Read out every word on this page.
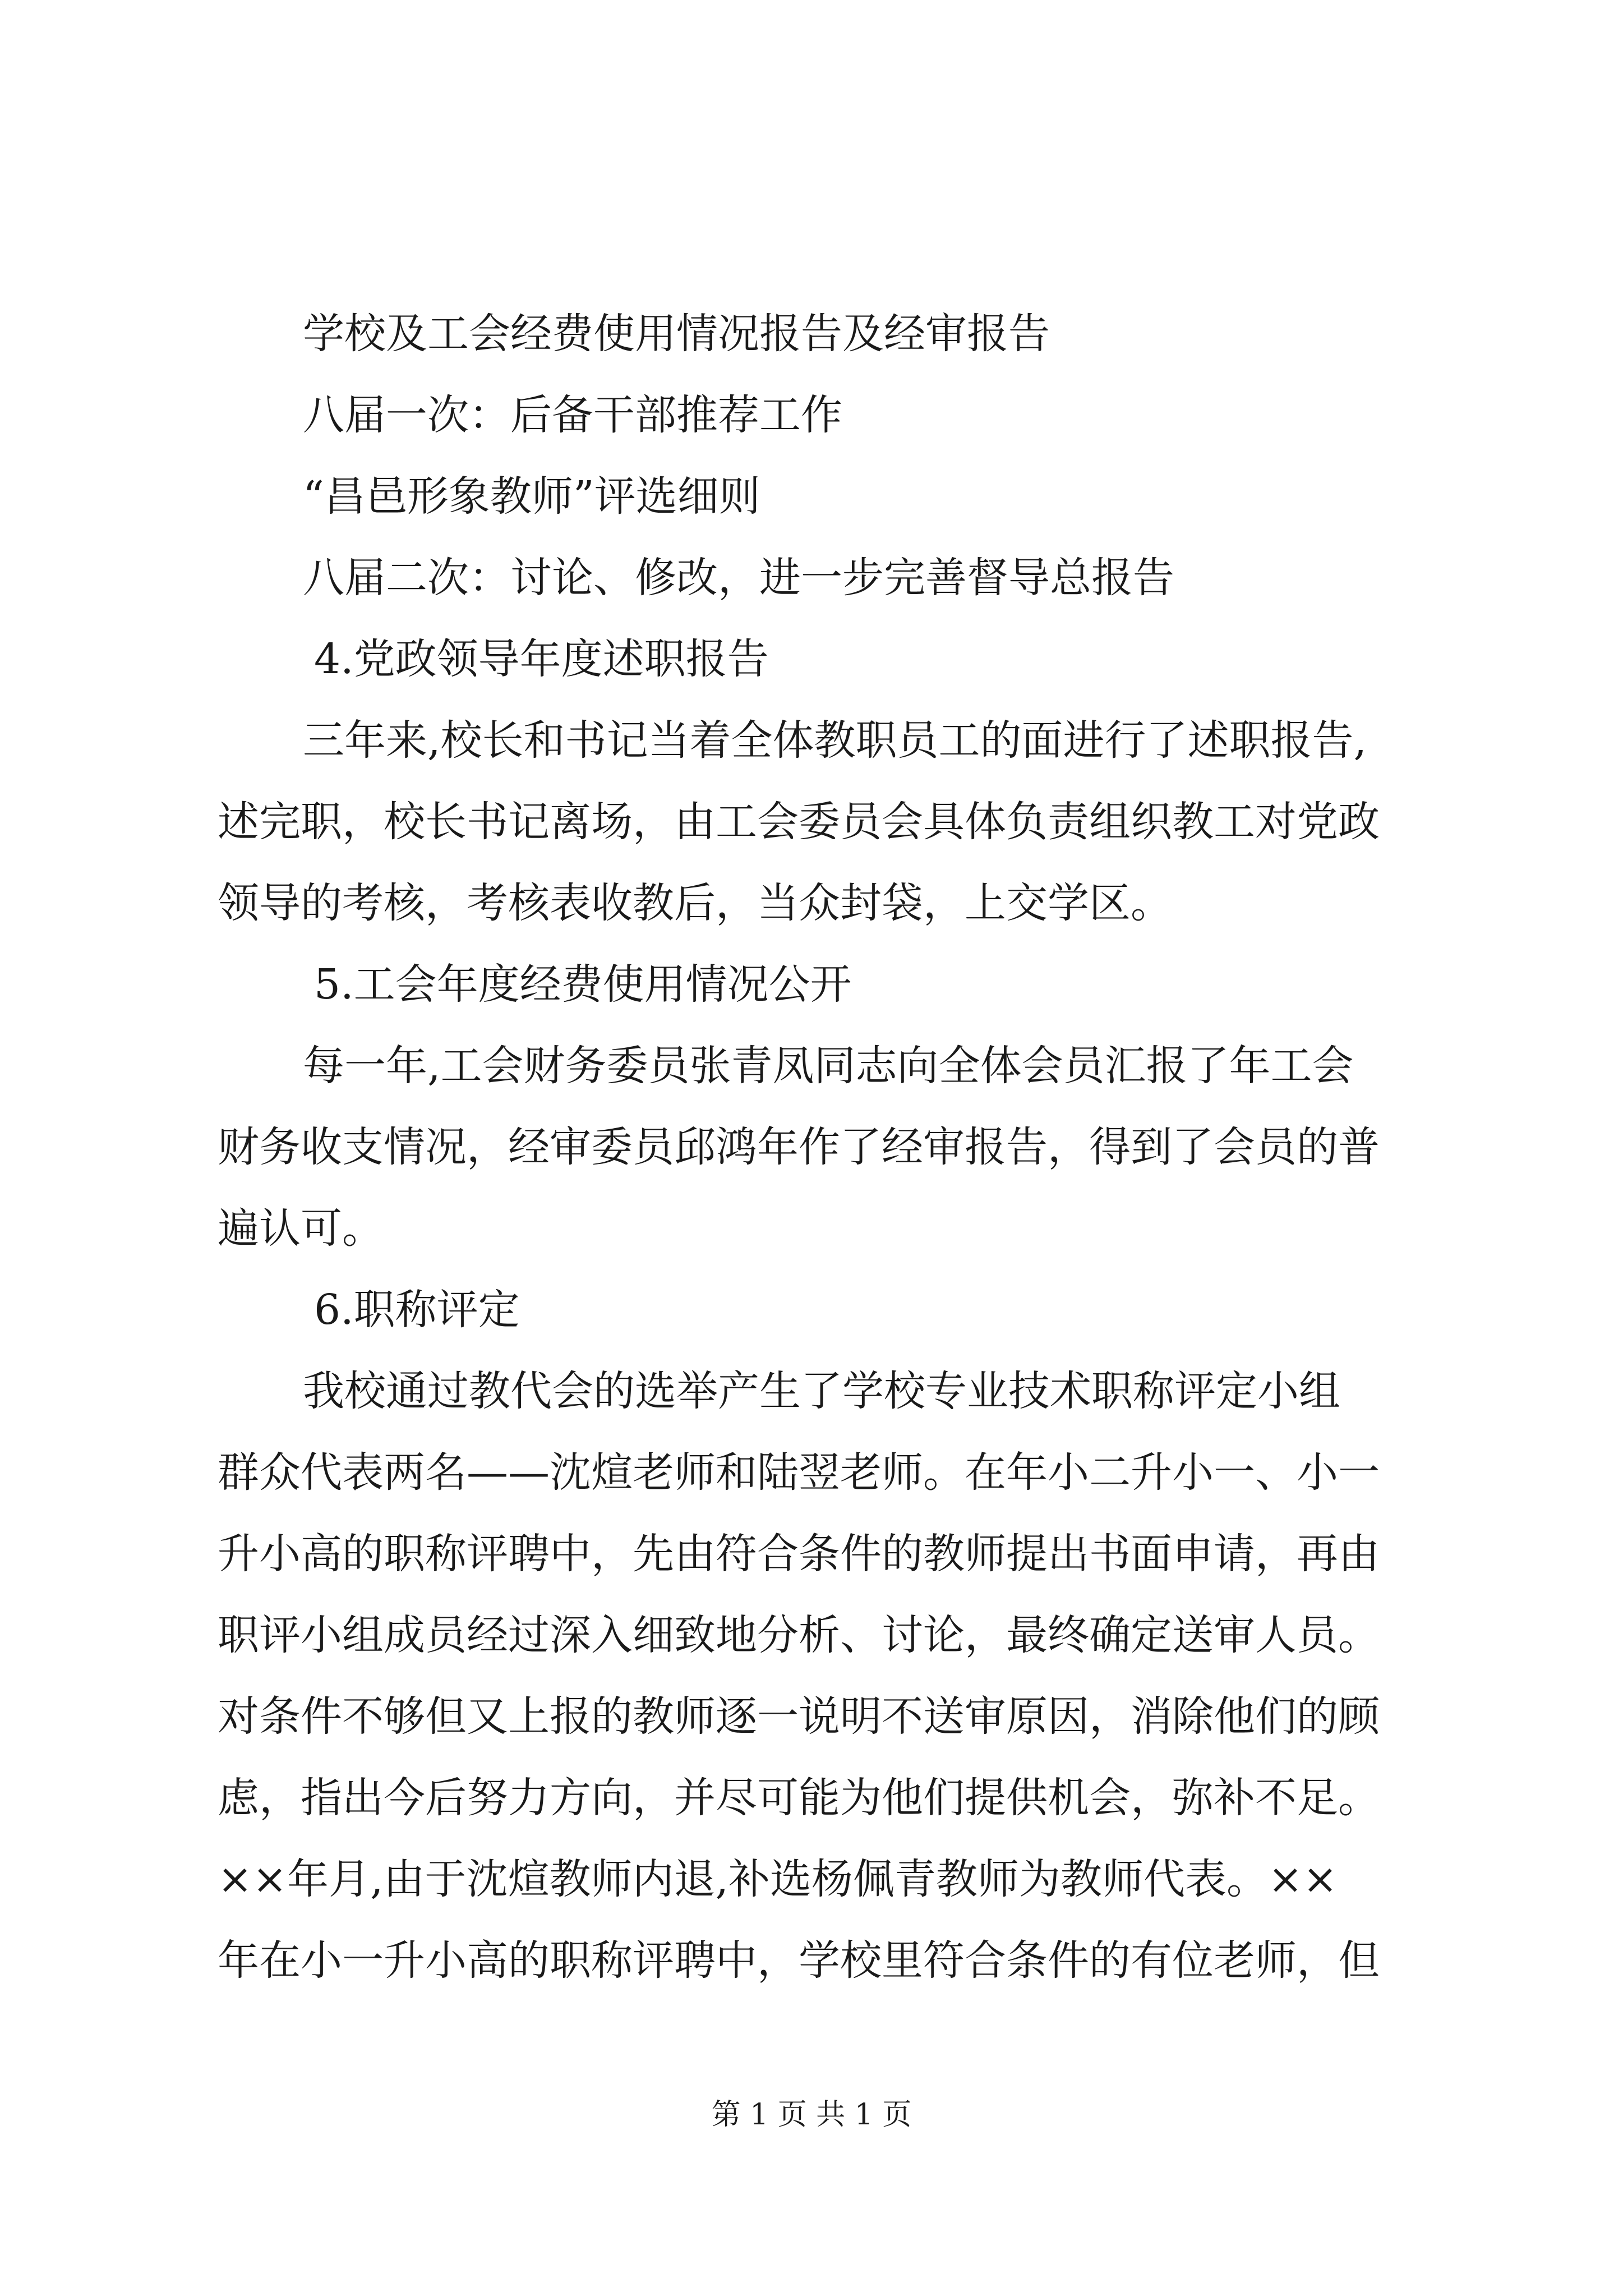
学校及工会经费使用情况报告及经审报告
八届一次：后备干部推荐工作
“昌邑形象教师”评选细则
八届二次：讨论、修改，进一步完善督导总报告
4.党政领导年度述职报告
三年来,校长和书记当着全体教职员工的面进行了述职报告,
述完职，校长书记离场，由工会委员会具体负责组织教工对党政
领导的考核，考核表收教后，当众封袋，上交学区。
5.工会年度经费使用情况公开
每一年,工会财务委员张青凤同志向全体会员汇报了年工会
财务收支情况，经审委员邱鸿年作了经审报告，得到了会员的普
遍认可。
6.职称评定
我校通过教代会的选举产生了学校专业技术职称评定小组
群众代表两名——沈煊老师和陆翌老师。在年小二升小一、小一
升小高的职称评聘中，先由符合条件的教师提出书面申请，再由
职评小组成员经过深入细致地分析、讨论，最终确定送审人员。
对条件不够但又上报的教师逐一说明不送审原因，消除他们的顾
虑，指出今后努力方向，并尽可能为他们提供机会，弥补不足。
××年月,由于沈煊教师内退,补选杨佩青教师为教师代表。××
年在小一升小高的职称评聘中，学校里符合条件的有位老师，但
第 1 页 共 1 页
